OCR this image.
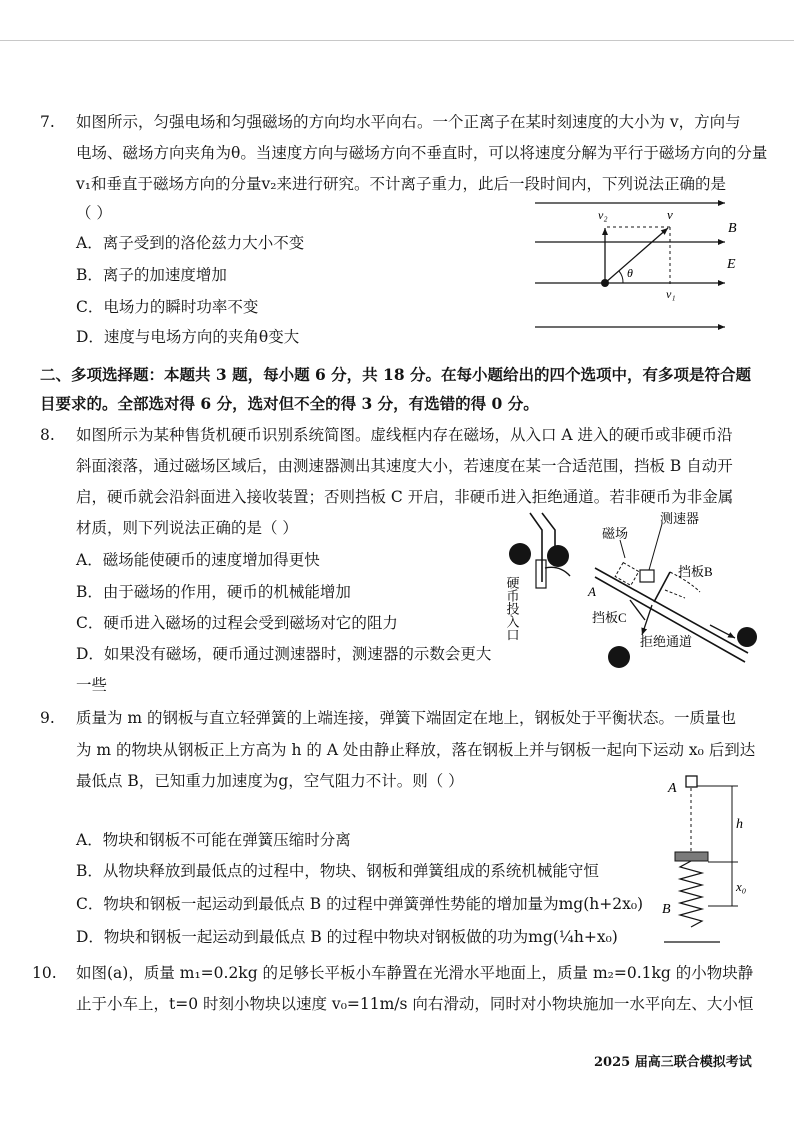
7. 如图所示，匀强电场和匀强磁场的方向均水平向右。一个正离子在某时刻速度的大小为 v，方向与
电场、磁场方向夹角为θ。当速度方向与磁场方向不垂直时，可以将速度分解为平行于磁场方向的分量
v₁和垂直于磁场方向的分量v₂来进行研究。不计离子重力，此后一段时间内，下列说法正确的是
（ ）
A．离子受到的洛伦兹力大小不变
B．离子的加速度增加
C．电场力的瞬时功率不变
D．速度与电场方向的夹角θ变大
v₂	v
B
E
θ
v₁
二、多项选择题：本题共 3 题，每小题 6 分，共 18 分。在每小题给出的四个选项中，有多项是符合题
目要求的。全部选对得 6 分，选对但不全的得 3 分，有选错的得 0 分。
8. 如图所示为某种售货机硬币识别系统简图。虚线框内存在磁场，从入口 A 进入的硬币或非硬币沿
斜面滚落，通过磁场区域后，由测速器测出其速度大小，若速度在某一合适范围，挡板 B 自动开
启，硬币就会沿斜面进入接收装置；否则挡板 C 开启，非硬币进入拒绝通道。若非硬币为非金属
材质，则下列说法正确的是（ ）
A．磁场能使硬币的速度增加得更快
B．由于磁场的作用，硬币的机械能增加
C．硬币进入磁场的过程会受到磁场对它的阻力
D．如果没有磁场，硬币通过测速器时，测速器的示数会更大
一些
硬币投入口	A
磁场
测速器
挡板B
挡板C
拒绝通道
9. 质量为 m 的钢板与直立轻弹簧的上端连接，弹簧下端固定在地上，钢板处于平衡状态。一质量也
为 m 的物块从钢板正上方高为 h 的 A 处由静止释放，落在钢板上并与钢板一起向下运动 x₀ 后到达
最低点 B，已知重力加速度为g，空气阻力不计。则（ ）
A．物块和钢板不可能在弹簧压缩时分离
B．从物块释放到最低点的过程中，物块、钢板和弹簧组成的系统机械能守恒
C．物块和钢板一起运动到最低点 B 的过程中弹簧弹性势能的增加量为mg(h+2x₀)
D．物块和钢板一起运动到最低点 B 的过程中物块对钢板做的功为mg(¼h+x₀)
A
h
x₀
B
10. 如图(a)，质量 m₁=0.2kg 的足够长平板小车静置在光滑水平地面上，质量 m₂=0.1kg 的小物块静
止于小车上，t=0 时刻小物块以速度 v₀=11m/s 向右滑动，同时对小物块施加一水平向左、大小恒
2025 届高三联合模拟考试
